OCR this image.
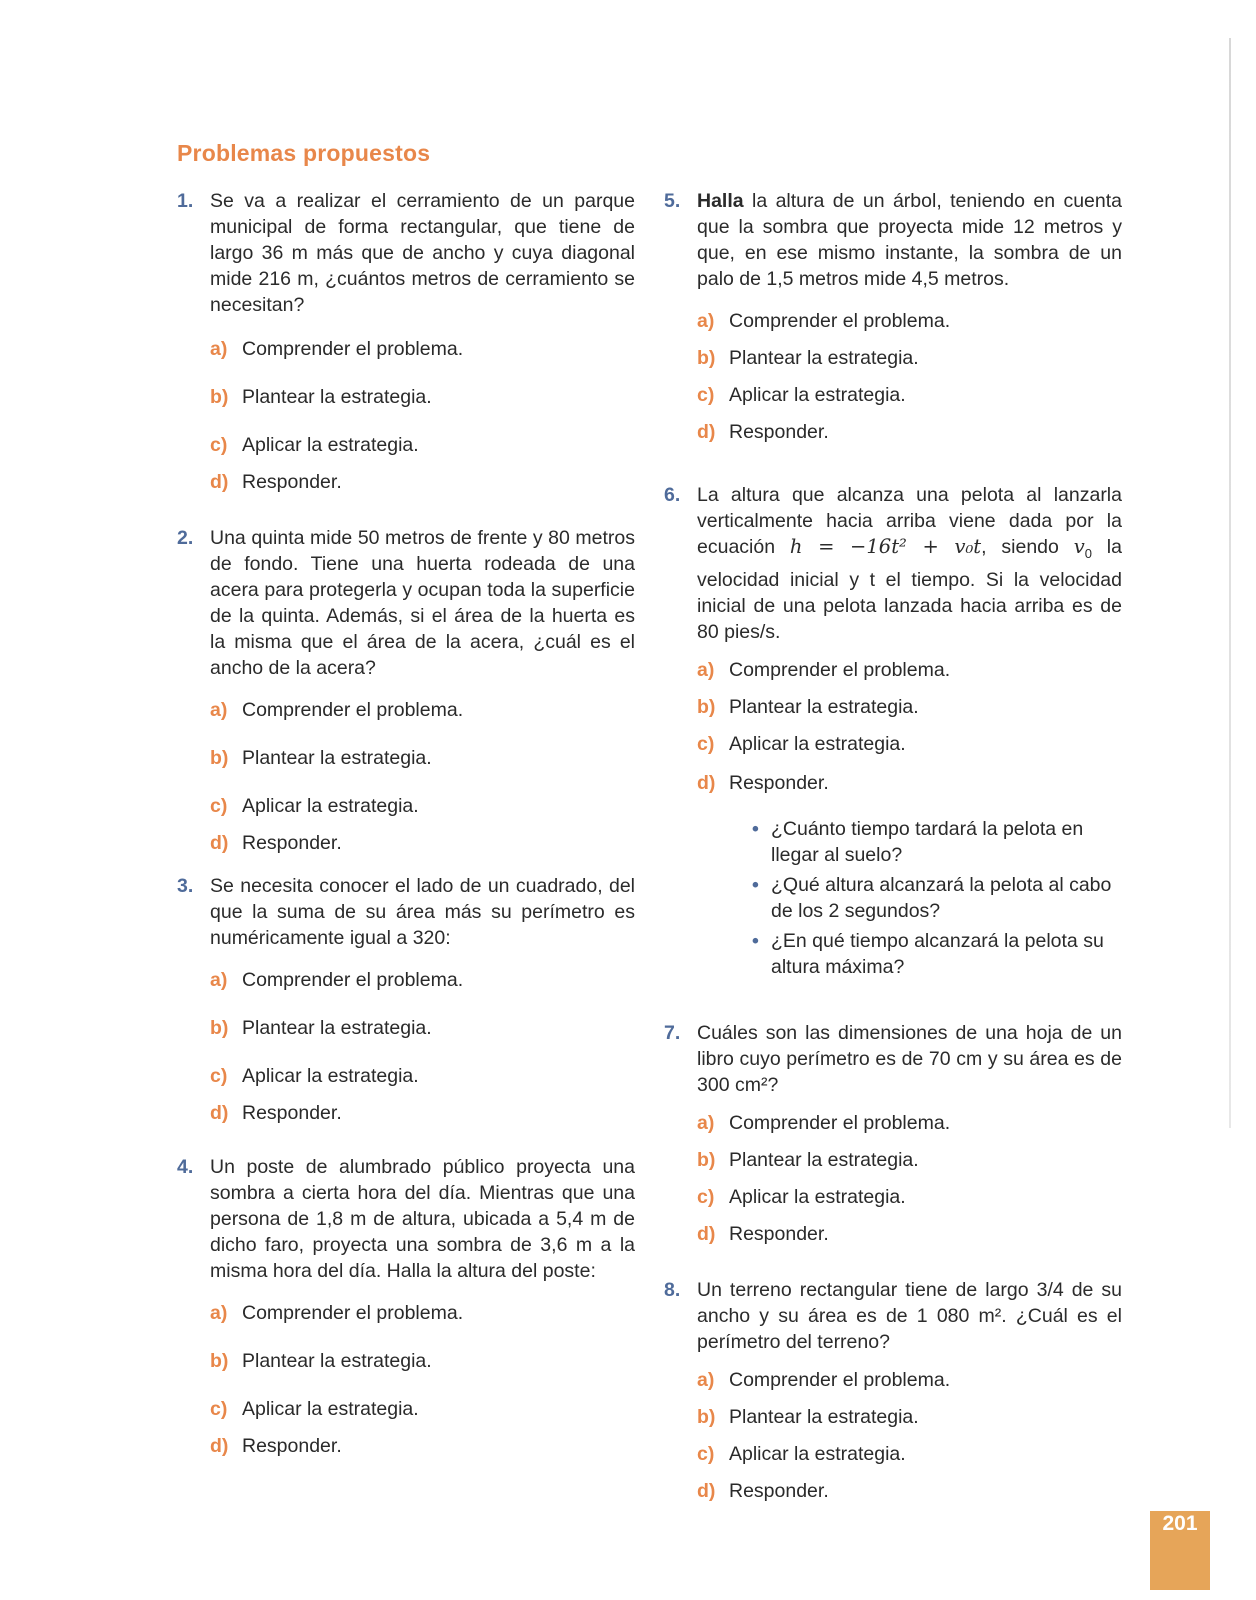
Problemas propuestos
1. Se va a realizar el cerramiento de un parque municipal de forma rectangular, que tiene de largo 36 m más que de ancho y cuya diagonal mide 216 m, ¿cuántos metros de cerramiento se necesitan?
a) Comprender el problema.
b) Plantear la estrategia.
c) Aplicar la estrategia.
d) Responder.
2. Una quinta mide 50 metros de frente y 80 metros de fondo. Tiene una huerta rodeada de una acera para protegerla y ocupan toda la superficie de la quinta. Además, si el área de la huerta es la misma que el área de la acera, ¿cuál es el ancho de la acera?
a) Comprender el problema.
b) Plantear la estrategia.
c) Aplicar la estrategia.
d) Responder.
3. Se necesita conocer el lado de un cuadrado, del que la suma de su área más su perímetro es numéricamente igual a 320:
a) Comprender el problema.
b) Plantear la estrategia.
c) Aplicar la estrategia.
d) Responder.
4. Un poste de alumbrado público proyecta una sombra a cierta hora del día. Mientras que una persona de 1,8 m de altura, ubicada a 5,4 m de dicho faro, proyecta una sombra de 3,6 m a la misma hora del día. Halla la altura del poste:
a) Comprender el problema.
b) Plantear la estrategia.
c) Aplicar la estrategia.
d) Responder.
5. Halla la altura de un árbol, teniendo en cuenta que la sombra que proyecta mide 12 metros y que, en ese mismo instante, la sombra de un palo de 1,5 metros mide 4,5 metros.
a) Comprender el problema.
b) Plantear la estrategia.
c) Aplicar la estrategia.
d) Responder.
6. La altura que alcanza una pelota al lanzarla verticalmente hacia arriba viene dada por la ecuación h = −16t² + v₀t, siendo $v_0$ la velocidad inicial y t el tiempo. Si la velocidad inicial de una pelota lanzada hacia arriba es de 80 pies/s.
a) Comprender el problema.
b) Plantear la estrategia.
c) Aplicar la estrategia.
d) Responder.
• ¿Cuánto tiempo tardará la pelota en llegar al suelo?
• ¿Qué altura alcanzará la pelota al cabo de los 2 segundos?
• ¿En qué tiempo alcanzará la pelota su altura máxima?
7. Cuáles son las dimensiones de una hoja de un libro cuyo perímetro es de 70 cm y su área es de 300 cm²?
a) Comprender el problema.
b) Plantear la estrategia.
c) Aplicar la estrategia.
d) Responder.
8. Un terreno rectangular tiene de largo 3/4 de su ancho y su área es de 1 080 m². ¿Cuál es el perímetro del terreno?
a) Comprender el problema.
b) Plantear la estrategia.
c) Aplicar la estrategia.
d) Responder.
201
